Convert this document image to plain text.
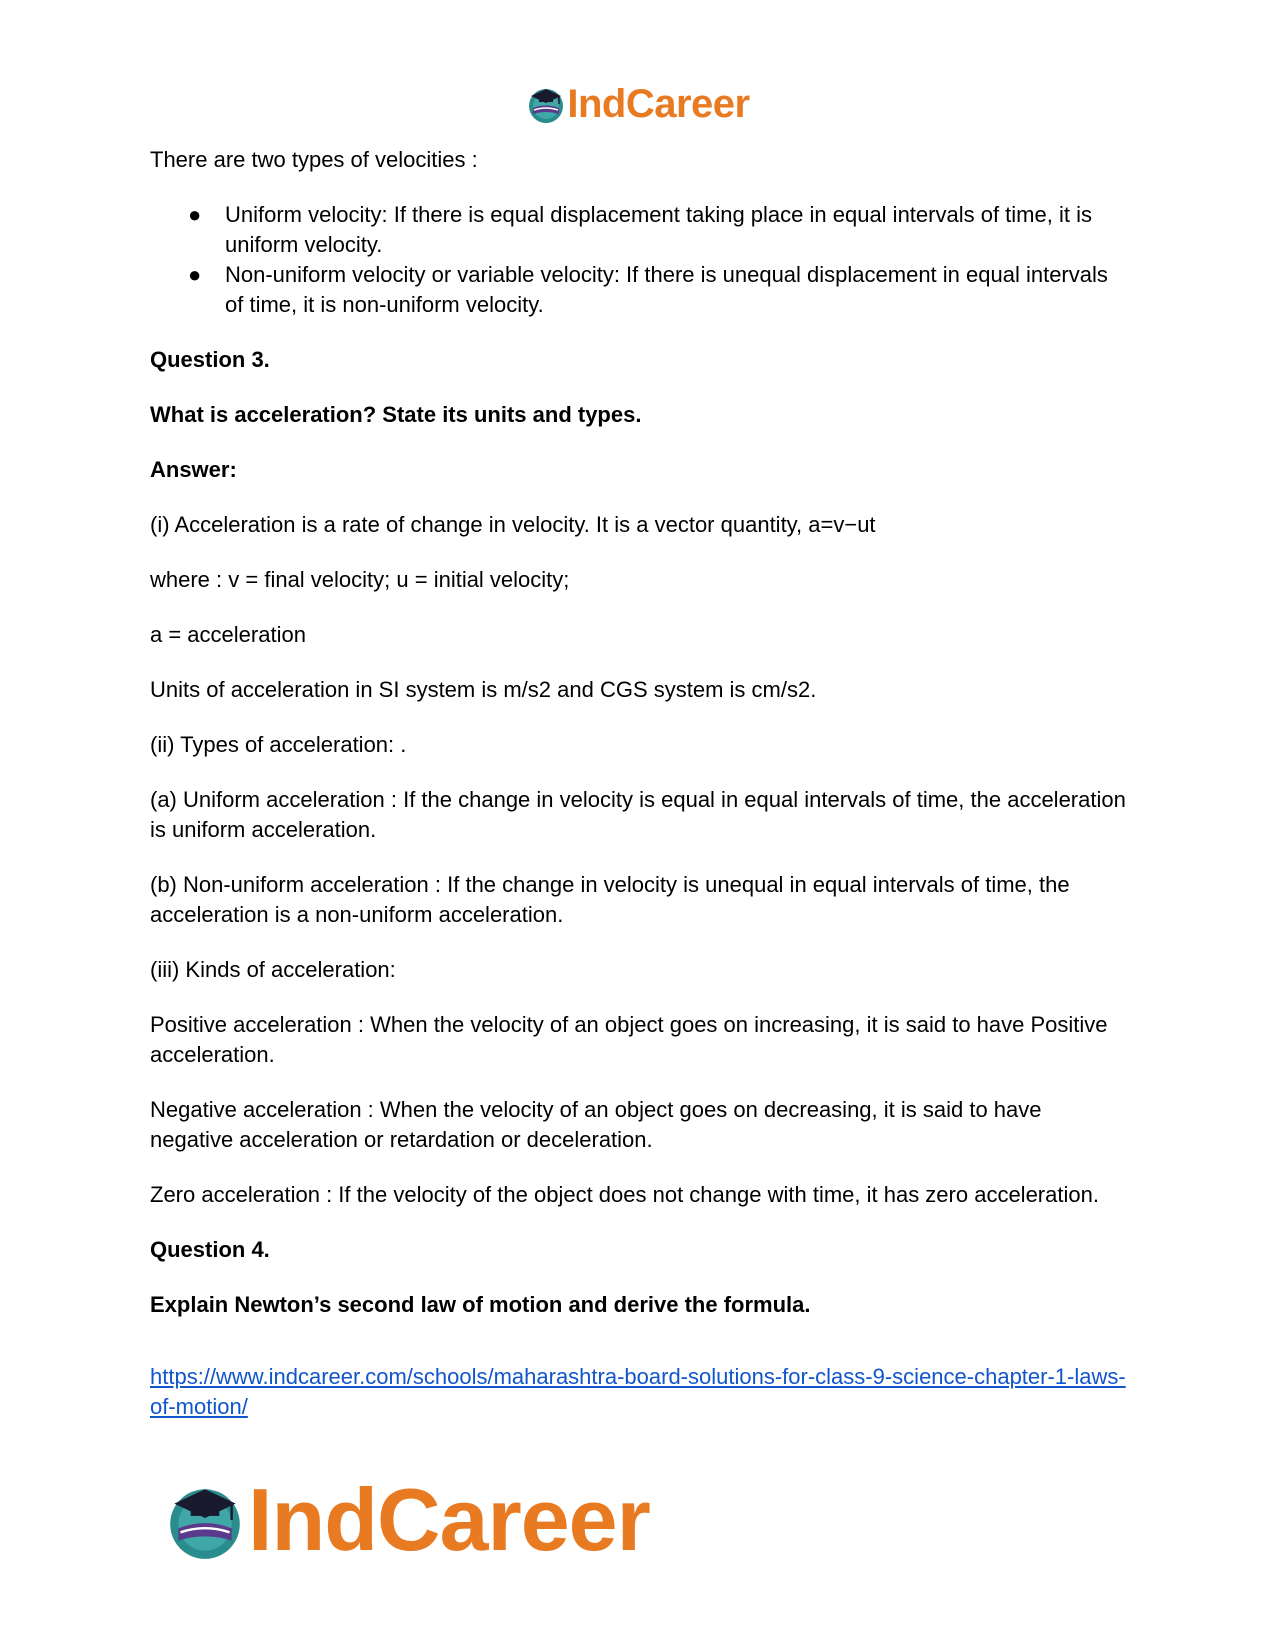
IndCareer

There are two types of velocities :

● Uniform velocity: If there is equal displacement taking place in equal intervals of time, it is uniform velocity.
● Non-uniform velocity or variable velocity: If there is unequal displacement in equal intervals of time, it is non-uniform velocity.

Question 3.

What is acceleration? State its units and types.

Answer:

(i) Acceleration is a rate of change in velocity. It is a vector quantity, a=v−ut

where : v = final velocity; u = initial velocity;

a = acceleration

Units of acceleration in SI system is m/s2 and CGS system is cm/s2.

(ii) Types of acceleration: .

(a) Uniform acceleration : If the change in velocity is equal in equal intervals of time, the acceleration is uniform acceleration.

(b) Non-uniform acceleration : If the change in velocity is unequal in equal intervals of time, the acceleration is a non-uniform acceleration.

(iii) Kinds of acceleration:

Positive acceleration : When the velocity of an object goes on increasing, it is said to have Positive acceleration.

Negative acceleration : When the velocity of an object goes on decreasing, it is said to have negative acceleration or retardation or deceleration.

Zero acceleration : If the velocity of the object does not change with time, it has zero acceleration.

Question 4.

Explain Newton’s second law of motion and derive the formula.

https://www.indcareer.com/schools/maharashtra-board-solutions-for-class-9-science-chapter-1-laws-of-motion/

IndCareer
